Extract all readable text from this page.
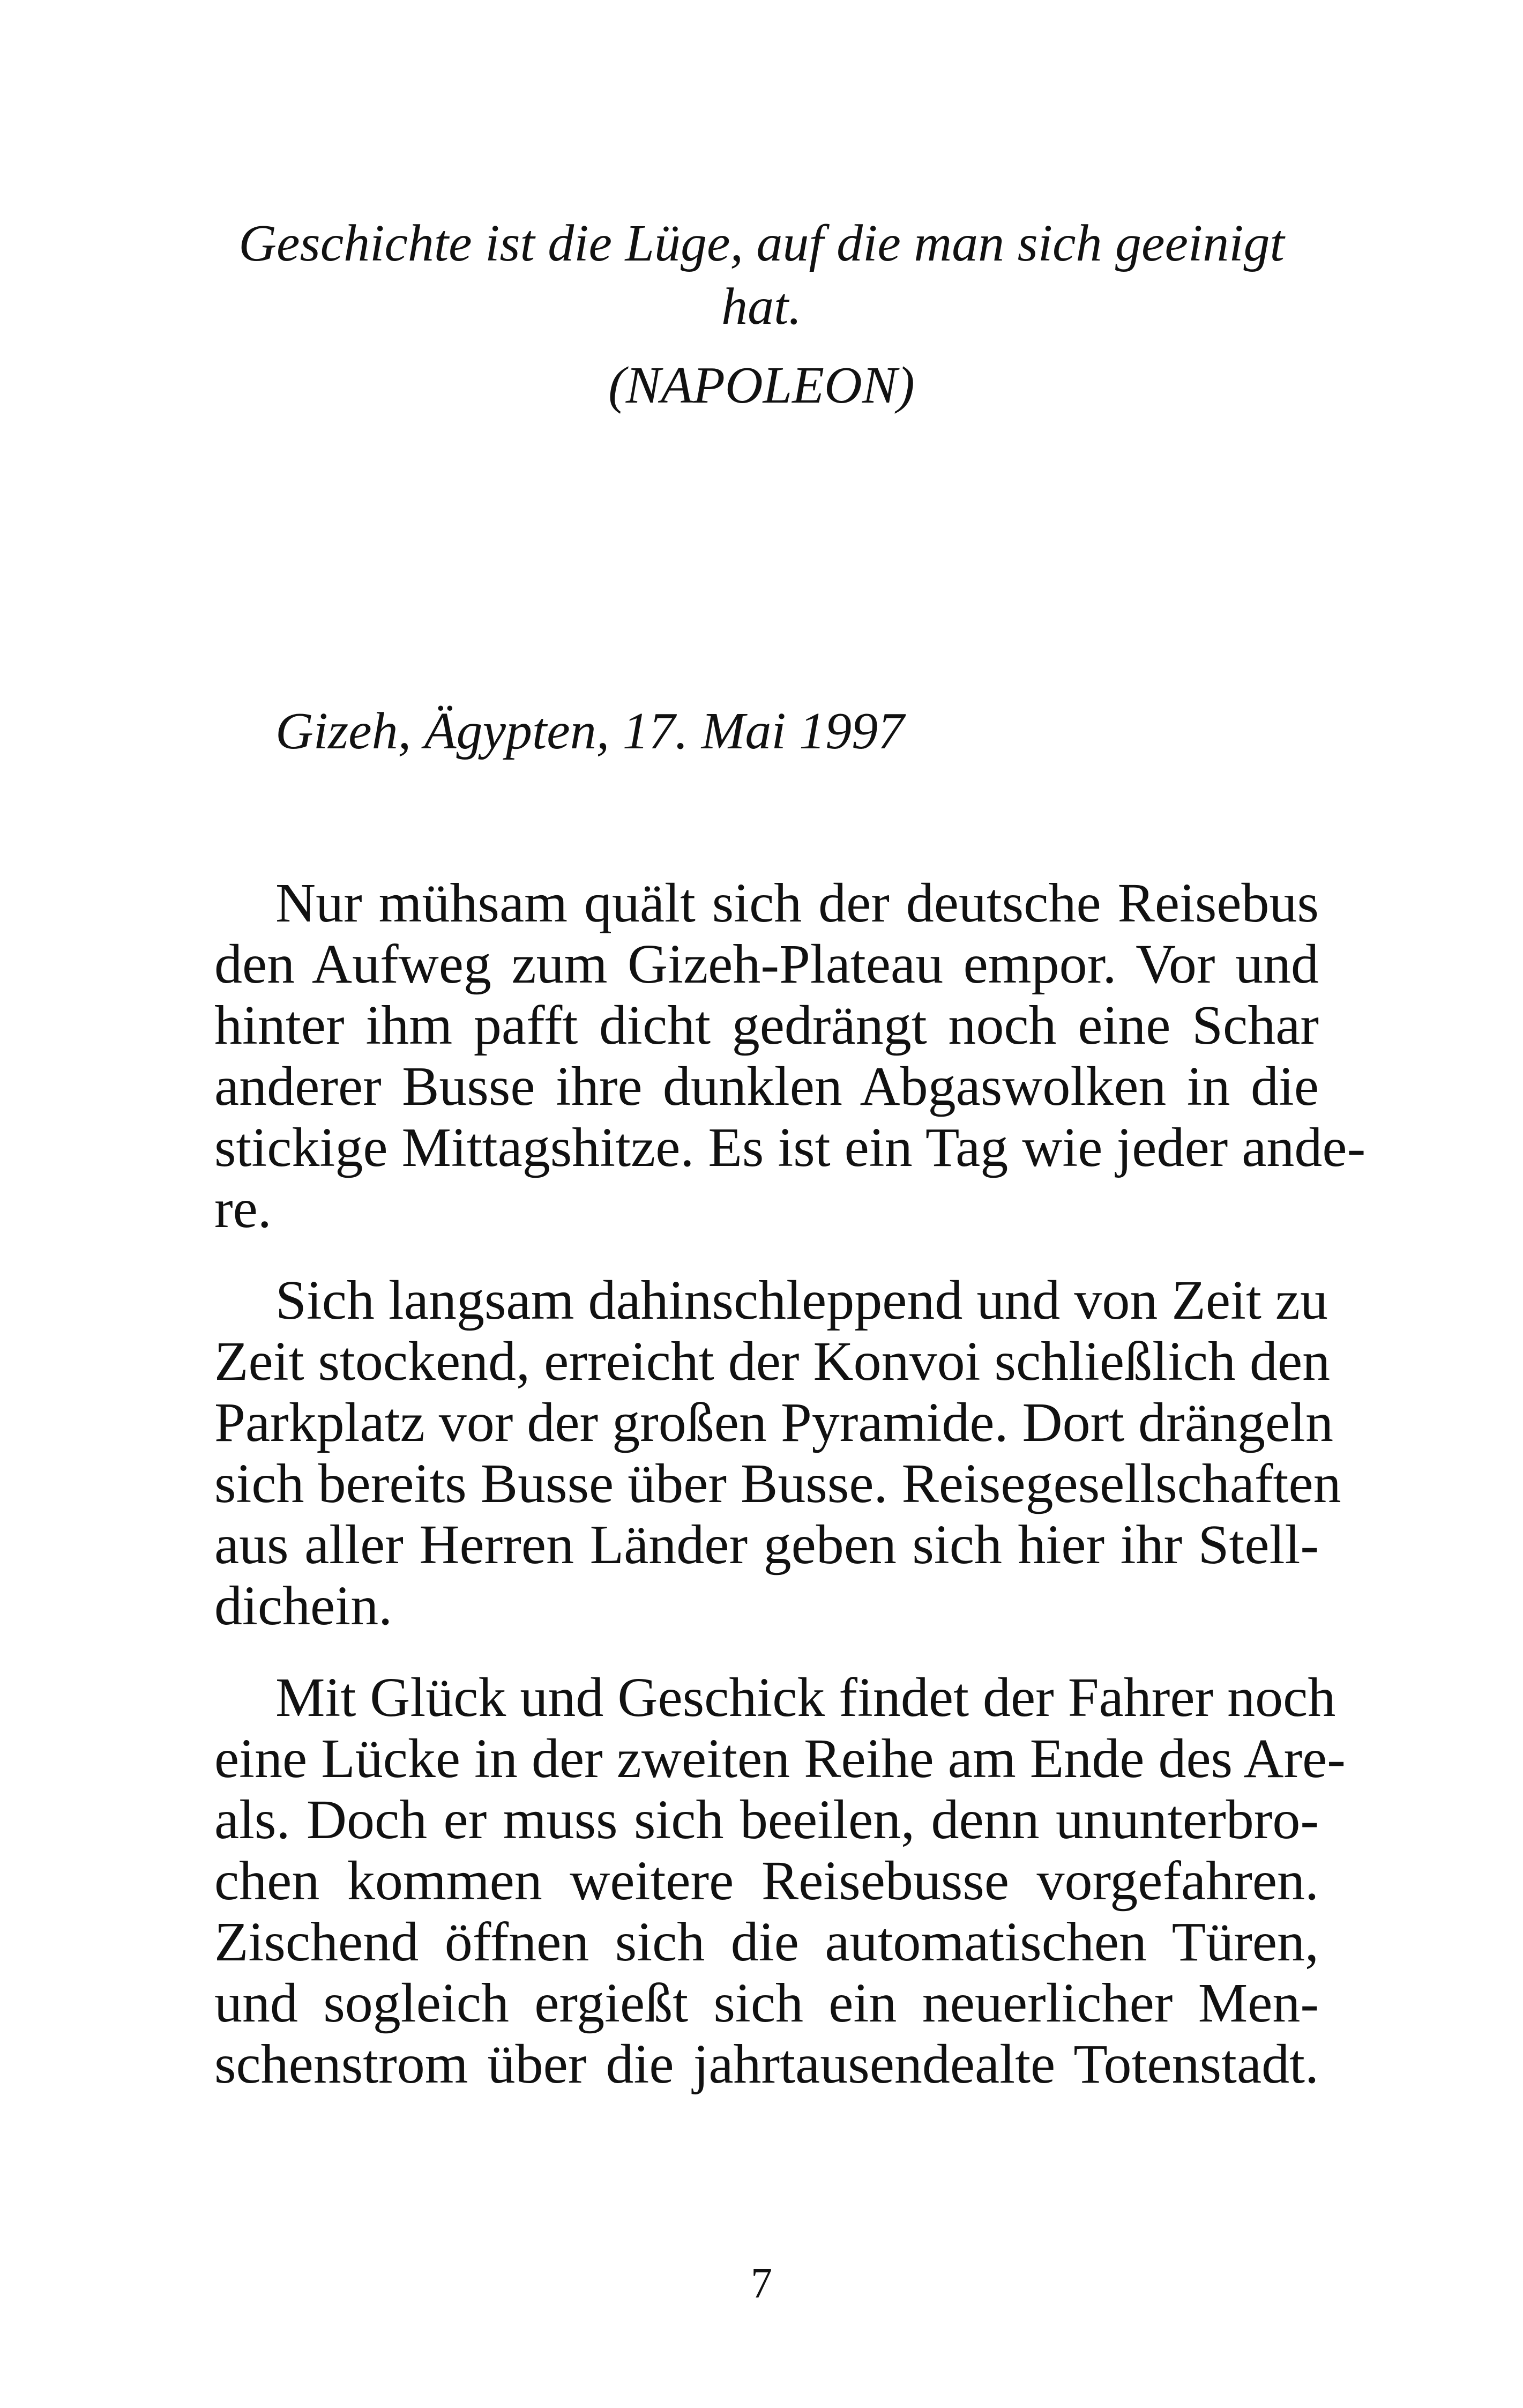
Geschichte ist die Lüge, auf die man sich geeinigt hat.
(NAPOLEON)
Gizeh, Ägypten, 17. Mai 1997
Nur mühsam quält sich der deutsche Reisebus
den Aufweg zum Gizeh-Plateau empor. Vor und
hinter ihm pafft dicht gedrängt noch eine Schar
anderer Busse ihre dunklen Abgaswolken in die
stickige Mittagshitze. Es ist ein Tag wie jeder ande-
re.
Sich langsam dahinschleppend und von Zeit zu
Zeit stockend, erreicht der Konvoi schließlich den
Parkplatz vor der großen Pyramide. Dort drängeln
sich bereits Busse über Busse. Reisegesellschaften
aus aller Herren Länder geben sich hier ihr Stell-
dichein.
Mit Glück und Geschick findet der Fahrer noch
eine Lücke in der zweiten Reihe am Ende des Are-
als. Doch er muss sich beeilen, denn ununterbro-
chen kommen weitere Reisebusse vorgefahren.
Zischend öffnen sich die automatischen Türen,
und sogleich ergießt sich ein neuerlicher Men-
schenstrom über die jahrtausendealte Totenstadt.
7
